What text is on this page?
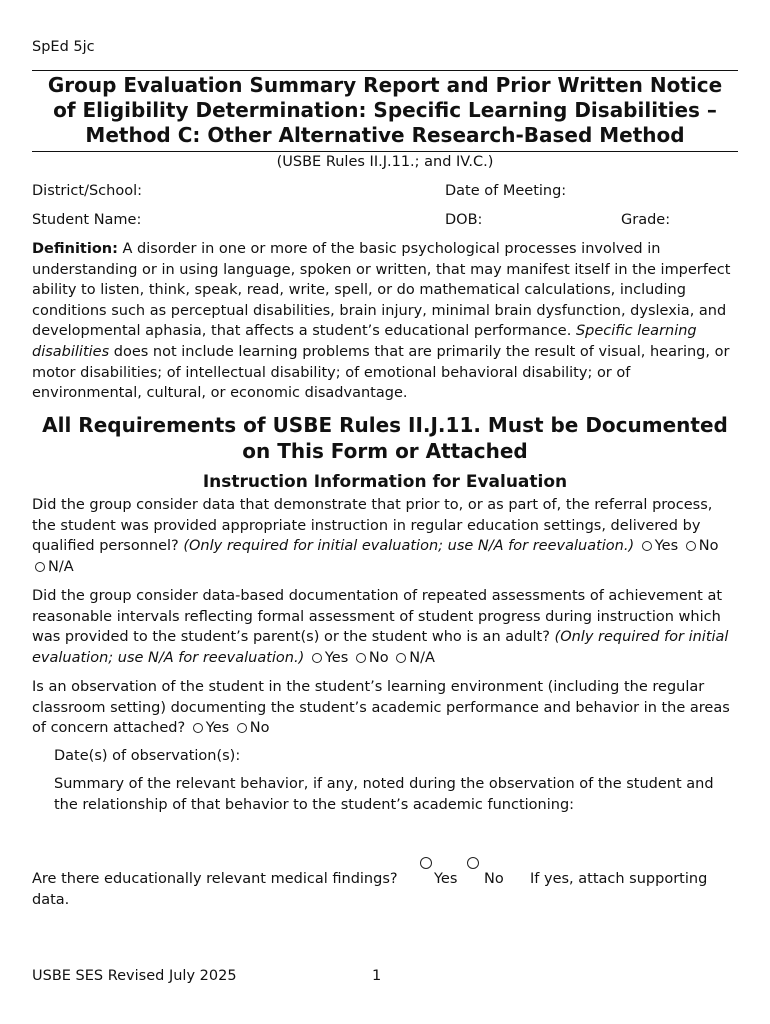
SpEd 5jc
Group Evaluation Summary Report and Prior Written Notice
of Eligibility Determination: Specific Learning Disabilities –
Method C: Other Alternative Research-Based Method
(USBE Rules II.J.11.; and IV.C.)
District/School:	Date of Meeting:
Student Name:	DOB:	Grade:

Definition: A disorder in one or more of the basic psychological processes involved in understanding or in using language, spoken or written, that may manifest itself in the imperfect ability to listen, think, speak, read, write, spell, or do mathematical calculations, including conditions such as perceptual disabilities, brain injury, minimal brain dysfunction, dyslexia, and developmental aphasia, that affects a student’s educational performance. Specific learning disabilities does not include learning problems that are primarily the result of visual, hearing, or motor disabilities; of intellectual disability; of emotional behavioral disability; or of environmental, cultural, or economic disadvantage.

All Requirements of USBE Rules II.J.11. Must be Documented
on This Form or Attached
Instruction Information for Evaluation

Did the group consider data that demonstrate that prior to, or as part of, the referral process, the student was provided appropriate instruction in regular education settings, delivered by qualified personnel? (Only required for initial evaluation; use N/A for reevaluation.) Yes No N/A

Did the group consider data-based documentation of repeated assessments of achievement at reasonable intervals reflecting formal assessment of student progress during instruction which was provided to the student’s parent(s) or the student who is an adult? (Only required for initial evaluation; use N/A for reevaluation.) Yes No N/A

Is an observation of the student in the student’s learning environment (including the regular classroom setting) documenting the student’s academic performance and behavior in the areas of concern attached? Yes No

Date(s) of observation(s):

Summary of the relevant behavior, if any, noted during the observation of the student and the relationship of that behavior to the student’s academic functioning:

Are there educationally relevant medical findings?	Yes No If yes, attach supporting
data.
USBE SES Revised July 2025	1
